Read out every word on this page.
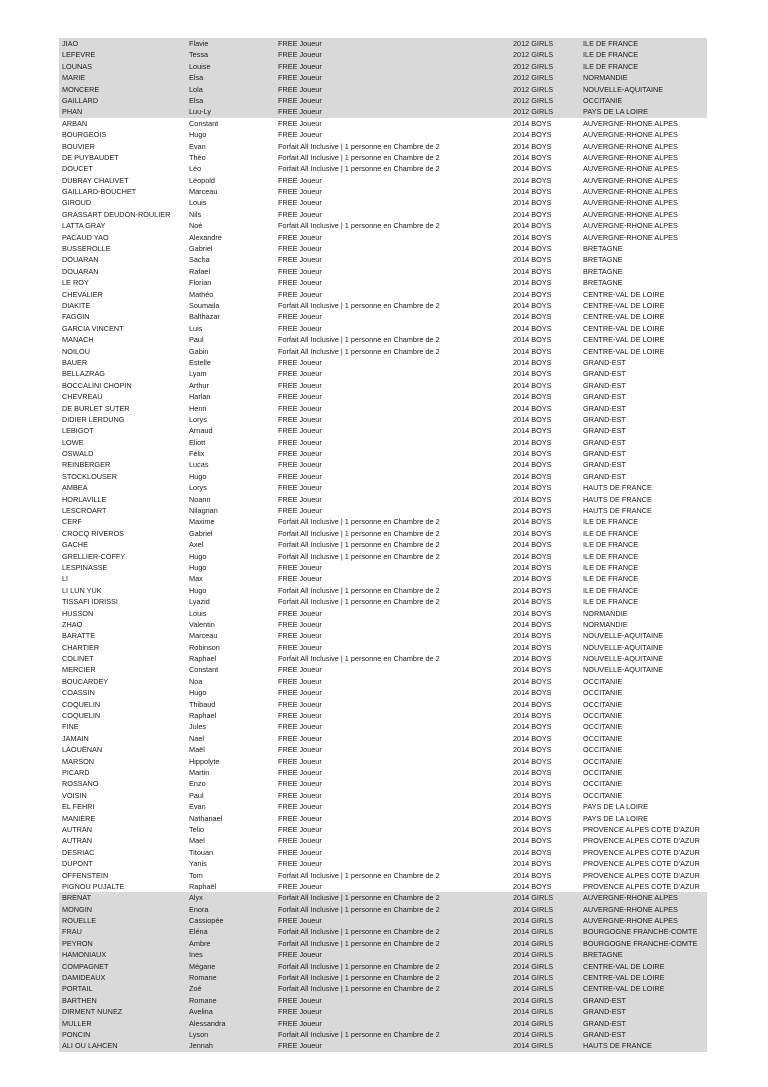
JIAO	Flavie	FREE Joueur	2012 GIRLS	ILE DE FRANCE
LEFEVRE	Tessa	FREE Joueur	2012 GIRLS	ILE DE FRANCE
LOUNAS	Louise	FREE Joueur	2012 GIRLS	ILE DE FRANCE
MARIE	Elsa	FREE Joueur	2012 GIRLS	NORMANDIE
MONCERE	Lola	FREE Joueur	2012 GIRLS	NOUVELLE-AQUITAINE
GAILLARD	Elsa	FREE Joueur	2012 GIRLS	OCCITANIE
PHAN	Luu-Ly	FREE Joueur	2012 GIRLS	PAYS DE LA LOIRE
ARBAN	Constant	FREE Joueur	2014 BOYS	AUVERGNE-RHONE ALPES
BOURGEOIS	Hugo	FREE Joueur	2014 BOYS	AUVERGNE-RHONE ALPES
BOUVIER	Evan	Forfait All Inclusive | 1 personne en Chambre de 2	2014 BOYS	AUVERGNE-RHONE ALPES
DE PUYBAUDET	Théo	Forfait All Inclusive | 1 personne en Chambre de 2	2014 BOYS	AUVERGNE-RHONE ALPES
DOUCET	Léo	Forfait All Inclusive | 1 personne en Chambre de 2	2014 BOYS	AUVERGNE-RHONE ALPES
DUBRAY CHAUVET	Léopold	FREE Joueur	2014 BOYS	AUVERGNE-RHONE ALPES
GAILLARD-BOUCHET	Marceau	FREE Joueur	2014 BOYS	AUVERGNE-RHONE ALPES
GIROUD	Louis	FREE Joueur	2014 BOYS	AUVERGNE-RHONE ALPES
GRASSART DEUDON-ROULIER	Nils	FREE Joueur	2014 BOYS	AUVERGNE-RHONE ALPES
LATTA GRAY	Noé	Forfait All Inclusive | 1 personne en Chambre de 2	2014 BOYS	AUVERGNE-RHONE ALPES
PACAUD YAO	Alexandre	FREE Joueur	2014 BOYS	AUVERGNE-RHONE ALPES
BUSSEROLLE	Gabriel	FREE Joueur	2014 BOYS	BRETAGNE
DOUARAN	Sacha	FREE Joueur	2014 BOYS	BRETAGNE
DOUARAN	Rafael	FREE Joueur	2014 BOYS	BRETAGNE
LE ROY	Florian	FREE Joueur	2014 BOYS	BRETAGNE
CHEVALIER	Mathéo	FREE Joueur	2014 BOYS	CENTRE-VAL DE LOIRE
DIAKITE	Soumaila	Forfait All Inclusive | 1 personne en Chambre de 2	2014 BOYS	CENTRE-VAL DE LOIRE
FAGGIN	Balthazar	FREE Joueur	2014 BOYS	CENTRE-VAL DE LOIRE
GARCIA VINCENT	Luis	FREE Joueur	2014 BOYS	CENTRE-VAL DE LOIRE
MANACH	Paul	Forfait All Inclusive | 1 personne en Chambre de 2	2014 BOYS	CENTRE-VAL DE LOIRE
NOILOU	Gabin	Forfait All Inclusive | 1 personne en Chambre de 2	2014 BOYS	CENTRE-VAL DE LOIRE
BAUER	Estelle	FREE Joueur	2014 BOYS	GRAND-EST
BELLAZRAG	Lyam	FREE Joueur	2014 BOYS	GRAND-EST
BOCCALINI CHOPIN	Arthur	FREE Joueur	2014 BOYS	GRAND-EST
CHEVREAU	Harlan	FREE Joueur	2014 BOYS	GRAND-EST
DE BURLET SUTER	Henri	FREE Joueur	2014 BOYS	GRAND-EST
DIDIER LERDUNG	Lorys	FREE Joueur	2014 BOYS	GRAND-EST
LEBIGOT	Arnaud	FREE Joueur	2014 BOYS	GRAND-EST
LOWE	Eliott	FREE Joueur	2014 BOYS	GRAND-EST
OSWALD	Félix	FREE Joueur	2014 BOYS	GRAND-EST
REINBERGER	Lucas	FREE Joueur	2014 BOYS	GRAND-EST
STOCKLOUSER	Hugo	FREE Joueur	2014 BOYS	GRAND-EST
AMBEA	Lorys	FREE Joueur	2014 BOYS	HAUTS DE FRANCE
HORLAVILLE	Noann	FREE Joueur	2014 BOYS	HAUTS DE FRANCE
LESCROART	Nilagnan	FREE Joueur	2014 BOYS	HAUTS DE FRANCE
CERF	Maxime	Forfait All Inclusive | 1 personne en Chambre de 2	2014 BOYS	ILE DE FRANCE
CROCQ RIVEROS	Gabriel	Forfait All Inclusive | 1 personne en Chambre de 2	2014 BOYS	ILE DE FRANCE
GACHE	Axel	Forfait All Inclusive | 1 personne en Chambre de 2	2014 BOYS	ILE DE FRANCE
GRELLIER-COFFY	Hugo	Forfait All Inclusive | 1 personne en Chambre de 2	2014 BOYS	ILE DE FRANCE
LESPINASSE	Hugo	FREE Joueur	2014 BOYS	ILE DE FRANCE
LI	Max	FREE Joueur	2014 BOYS	ILE DE FRANCE
LI LUN YUK	Hugo	Forfait All Inclusive | 1 personne en Chambre de 2	2014 BOYS	ILE DE FRANCE
TISSAFI IDRISSI	Lyazid	Forfait All Inclusive | 1 personne en Chambre de 2	2014 BOYS	ILE DE FRANCE
HUSSON	Louis	FREE Joueur	2014 BOYS	NORMANDIE
ZHAO	Valentin	FREE Joueur	2014 BOYS	NORMANDIE
BARATTE	Marceau	FREE Joueur	2014 BOYS	NOUVELLE-AQUITAINE
CHARTIER	Robinson	FREE Joueur	2014 BOYS	NOUVELLE-AQUITAINE
COLINET	Raphael	Forfait All Inclusive | 1 personne en Chambre de 2	2014 BOYS	NOUVELLE-AQUITAINE
MERCIER	Constant	FREE Joueur	2014 BOYS	NOUVELLE-AQUITAINE
BOUCARDEY	Noa	FREE Joueur	2014 BOYS	OCCITANIE
COASSIN	Hugo	FREE Joueur	2014 BOYS	OCCITANIE
COQUELIN	Thibaud	FREE Joueur	2014 BOYS	OCCITANIE
COQUELIN	Raphael	FREE Joueur	2014 BOYS	OCCITANIE
FINE	Jules	FREE Joueur	2014 BOYS	OCCITANIE
JAMAIN	Nael	FREE Joueur	2014 BOYS	OCCITANIE
LAOUËNAN	Maël	FREE Joueur	2014 BOYS	OCCITANIE
MARSON	Hippolyte	FREE Joueur	2014 BOYS	OCCITANIE
PICARD	Martin	FREE Joueur	2014 BOYS	OCCITANIE
ROSSANO	Enzo	FREE Joueur	2014 BOYS	OCCITANIE
VOISIN	Paul	FREE Joueur	2014 BOYS	OCCITANIE
EL FEHRI	Evan	FREE Joueur	2014 BOYS	PAYS DE LA LOIRE
MANIERE	Nathanael	FREE Joueur	2014 BOYS	PAYS DE LA LOIRE
AUTRAN	Telio	FREE Joueur	2014 BOYS	PROVENCE ALPES COTE D'AZUR
AUTRAN	Mael	FREE Joueur	2014 BOYS	PROVENCE ALPES COTE D'AZUR
DESRIAC	Titouan	FREE Joueur	2014 BOYS	PROVENCE ALPES COTE D'AZUR
DUPONT	Yanis	FREE Joueur	2014 BOYS	PROVENCE ALPES COTE D'AZUR
OFFENSTEIN	Tom	Forfait All Inclusive | 1 personne en Chambre de 2	2014 BOYS	PROVENCE ALPES COTE D'AZUR
PIGNOU PUJALTE	Raphaël	FREE Joueur	2014 BOYS	PROVENCE ALPES COTE D'AZUR
BRENAT	Alyx	Forfait All Inclusive | 1 personne en Chambre de 2	2014 GIRLS	AUVERGNE-RHONE ALPES
MONGIN	Enora	Forfait All Inclusive | 1 personne en Chambre de 2	2014 GIRLS	AUVERGNE-RHONE ALPES
ROUELLE	Cassiopée	FREE Joueur	2014 GIRLS	AUVERGNE-RHONE ALPES
FRAU	Eléna	Forfait All Inclusive | 1 personne en Chambre de 2	2014 GIRLS	BOURGOGNE FRANCHE-COMTE
PEYRON	Ambre	Forfait All Inclusive | 1 personne en Chambre de 2	2014 GIRLS	BOURGOGNE FRANCHE-COMTE
HAMONIAUX	Ines	FREE Joueur	2014 GIRLS	BRETAGNE
COMPAGNET	Mégane	Forfait All Inclusive | 1 personne en Chambre de 2	2014 GIRLS	CENTRE-VAL DE LOIRE
DAMIDEAUX	Romane	Forfait All Inclusive | 1 personne en Chambre de 2	2014 GIRLS	CENTRE-VAL DE LOIRE
PORTAIL	Zoé	Forfait All Inclusive | 1 personne en Chambre de 2	2014 GIRLS	CENTRE-VAL DE LOIRE
BARTHEN	Romane	FREE Joueur	2014 GIRLS	GRAND-EST
DIRMENT NUNEZ	Avelina	FREE Joueur	2014 GIRLS	GRAND-EST
MULLER	Alessandra	FREE Joueur	2014 GIRLS	GRAND-EST
PONCIN	Lyson	Forfait All Inclusive | 1 personne en Chambre de 2	2014 GIRLS	GRAND-EST
ALI OU LAHCEN	Jennah	FREE Joueur	2014 GIRLS	HAUTS DE FRANCE
